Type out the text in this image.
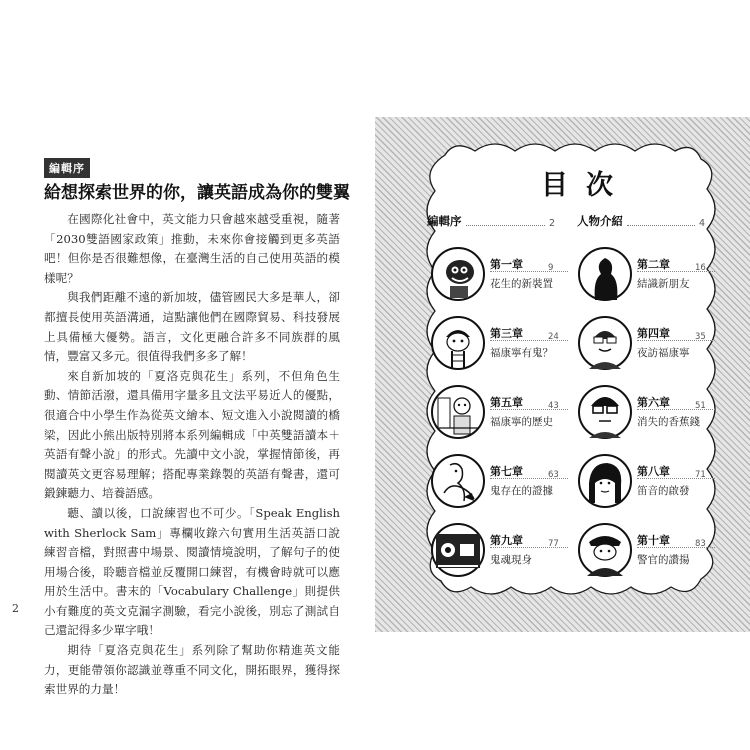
編輯序
給想探索世界的你，讓英語成為你的雙翼

在國際化社會中，英文能力只會越來越受重視，隨著「2030雙語國家政策」推動，未來你會接觸到更多英語吧！但你是否很難想像，在臺灣生活的自己使用英語的模樣呢？

與我們距離不遠的新加坡，儘管國民大多是華人，卻都擅長使用英語溝通，這點讓他們在國際貿易、科技發展上具備極大優勢。語言，文化更融合許多不同族群的風情，豐富又多元。很值得我們多多了解！

來自新加坡的「夏洛克與花生」系列，不但角色生動、情節活潑，還具備用字量多且文法平易近人的優點，很適合中小學生作為從英文繪本、短文進入小說閱讀的橋梁，因此小熊出版特別將本系列編輯成「中英雙語讀本＋英語有聲小說」的形式。先讀中文小說，掌握情節後，再閱讀英文更容易理解；搭配專業錄製的英語有聲書，還可鍛鍊聽力、培養語感。

聽、讀以後，口說練習也不可少。「Speak English with Sherlock Sam」專欄收錄六句實用生活英語口說練習音檔，對照書中場景、閱讀情境說明，了解句子的使用場合後，聆聽音檔並反覆開口練習，有機會時就可以應用於生活中。書末的「Vocabulary Challenge」則提供小有難度的英文克漏字測驗，看完小說後，別忘了測試自己還記得多少單字哦！

期待「夏洛克與花生」系列除了幫助你精進英文能力，更能帶領你認識並尊重不同文化，開拓眼界，獲得探索世界的力量！

2
目次
編輯序	2 人物介紹	4
第一章	9
花生的新裝置
第二章	16
結識新朋友
第三章	24
福康寧有鬼？
第四章	35
夜訪福康寧
第五章	43
福康寧的歷史
第六章	51
消失的香蕉錢
第七章	63
鬼存在的證據
第八章	71
笛音的啟發
第九章	77
鬼魂現身
第十章	83
警官的讚揚
